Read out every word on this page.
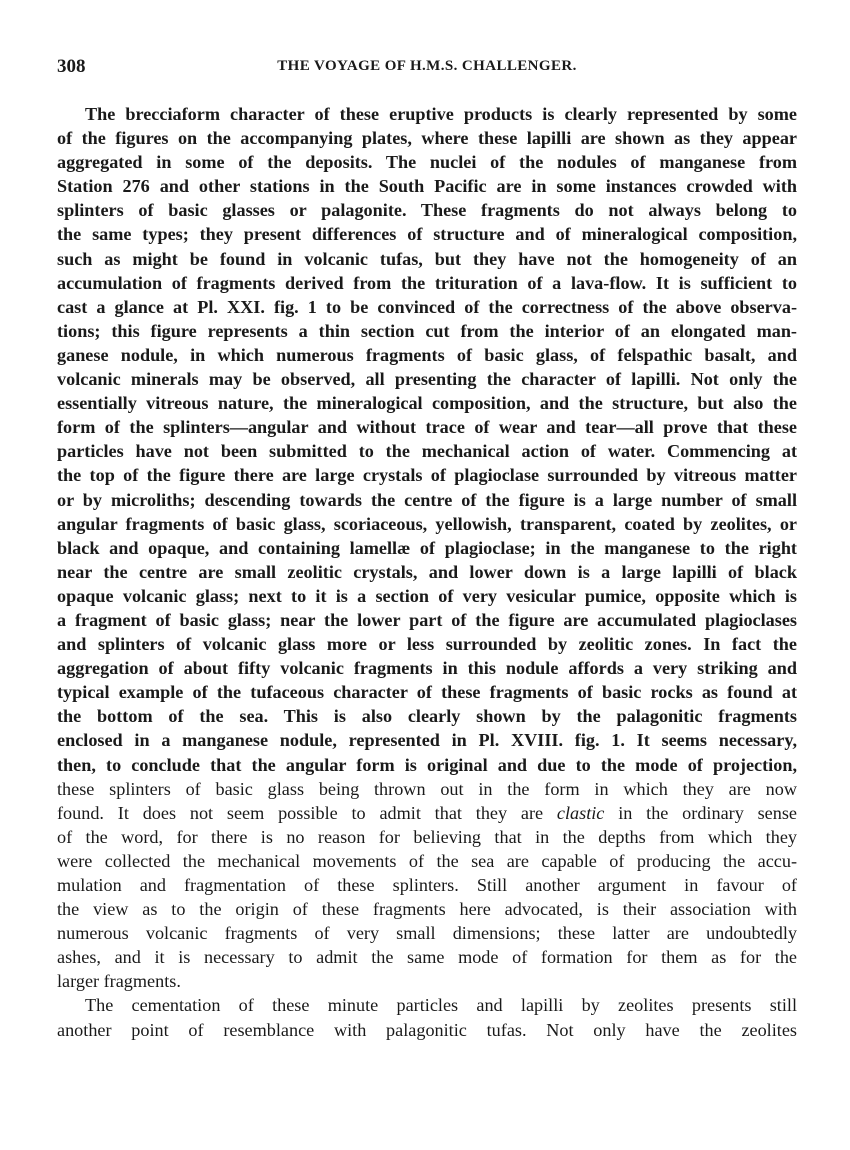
308	THE VOYAGE OF H.M.S. CHALLENGER.

The brecciaform character of these eruptive products is clearly represented by some
of the figures on the accompanying plates, where these lapilli are shown as they appear
aggregated in some of the deposits. The nuclei of the nodules of manganese from
Station 276 and other stations in the South Pacific are in some instances crowded with
splinters of basic glasses or palagonite. These fragments do not always belong to
the same types; they present differences of structure and of mineralogical composition,
such as might be found in volcanic tufas, but they have not the homogeneity of an
accumulation of fragments derived from the trituration of a lava-flow. It is sufficient to
cast a glance at Pl. XXI. fig. 1 to be convinced of the correctness of the above observa-
tions; this figure represents a thin section cut from the interior of an elongated man-
ganese nodule, in which numerous fragments of basic glass, of felspathic basalt, and
volcanic minerals may be observed, all presenting the character of lapilli. Not only the
essentially vitreous nature, the mineralogical composition, and the structure, but also the
form of the splinters—angular and without trace of wear and tear—all prove that these
particles have not been submitted to the mechanical action of water. Commencing at
the top of the figure there are large crystals of plagioclase surrounded by vitreous matter
or by microliths; descending towards the centre of the figure is a large number of small
angular fragments of basic glass, scoriaceous, yellowish, transparent, coated by zeolites, or
black and opaque, and containing lamellæ of plagioclase; in the manganese to the right
near the centre are small zeolitic crystals, and lower down is a large lapilli of black
opaque volcanic glass; next to it is a section of very vesicular pumice, opposite which is
a fragment of basic glass; near the lower part of the figure are accumulated plagioclases
and splinters of volcanic glass more or less surrounded by zeolitic zones. In fact the
aggregation of about fifty volcanic fragments in this nodule affords a very striking and
typical example of the tufaceous character of these fragments of basic rocks as found at
the bottom of the sea. This is also clearly shown by the palagonitic fragments
enclosed in a manganese nodule, represented in Pl. XVIII. fig. 1. It seems necessary,
then, to conclude that the angular form is original and due to the mode of projection,
these splinters of basic glass being thrown out in the form in which they are now
found. It does not seem possible to admit that they are clastic in the ordinary sense
of the word, for there is no reason for believing that in the depths from which they
were collected the mechanical movements of the sea are capable of producing the accu-
mulation and fragmentation of these splinters. Still another argument in favour of
the view as to the origin of these fragments here advocated, is their association with
numerous volcanic fragments of very small dimensions; these latter are undoubtedly
ashes, and it is necessary to admit the same mode of formation for them as for the
larger fragments.

The cementation of these minute particles and lapilli by zeolites presents still
another point of resemblance with palagonitic tufas. Not only have the zeolites
